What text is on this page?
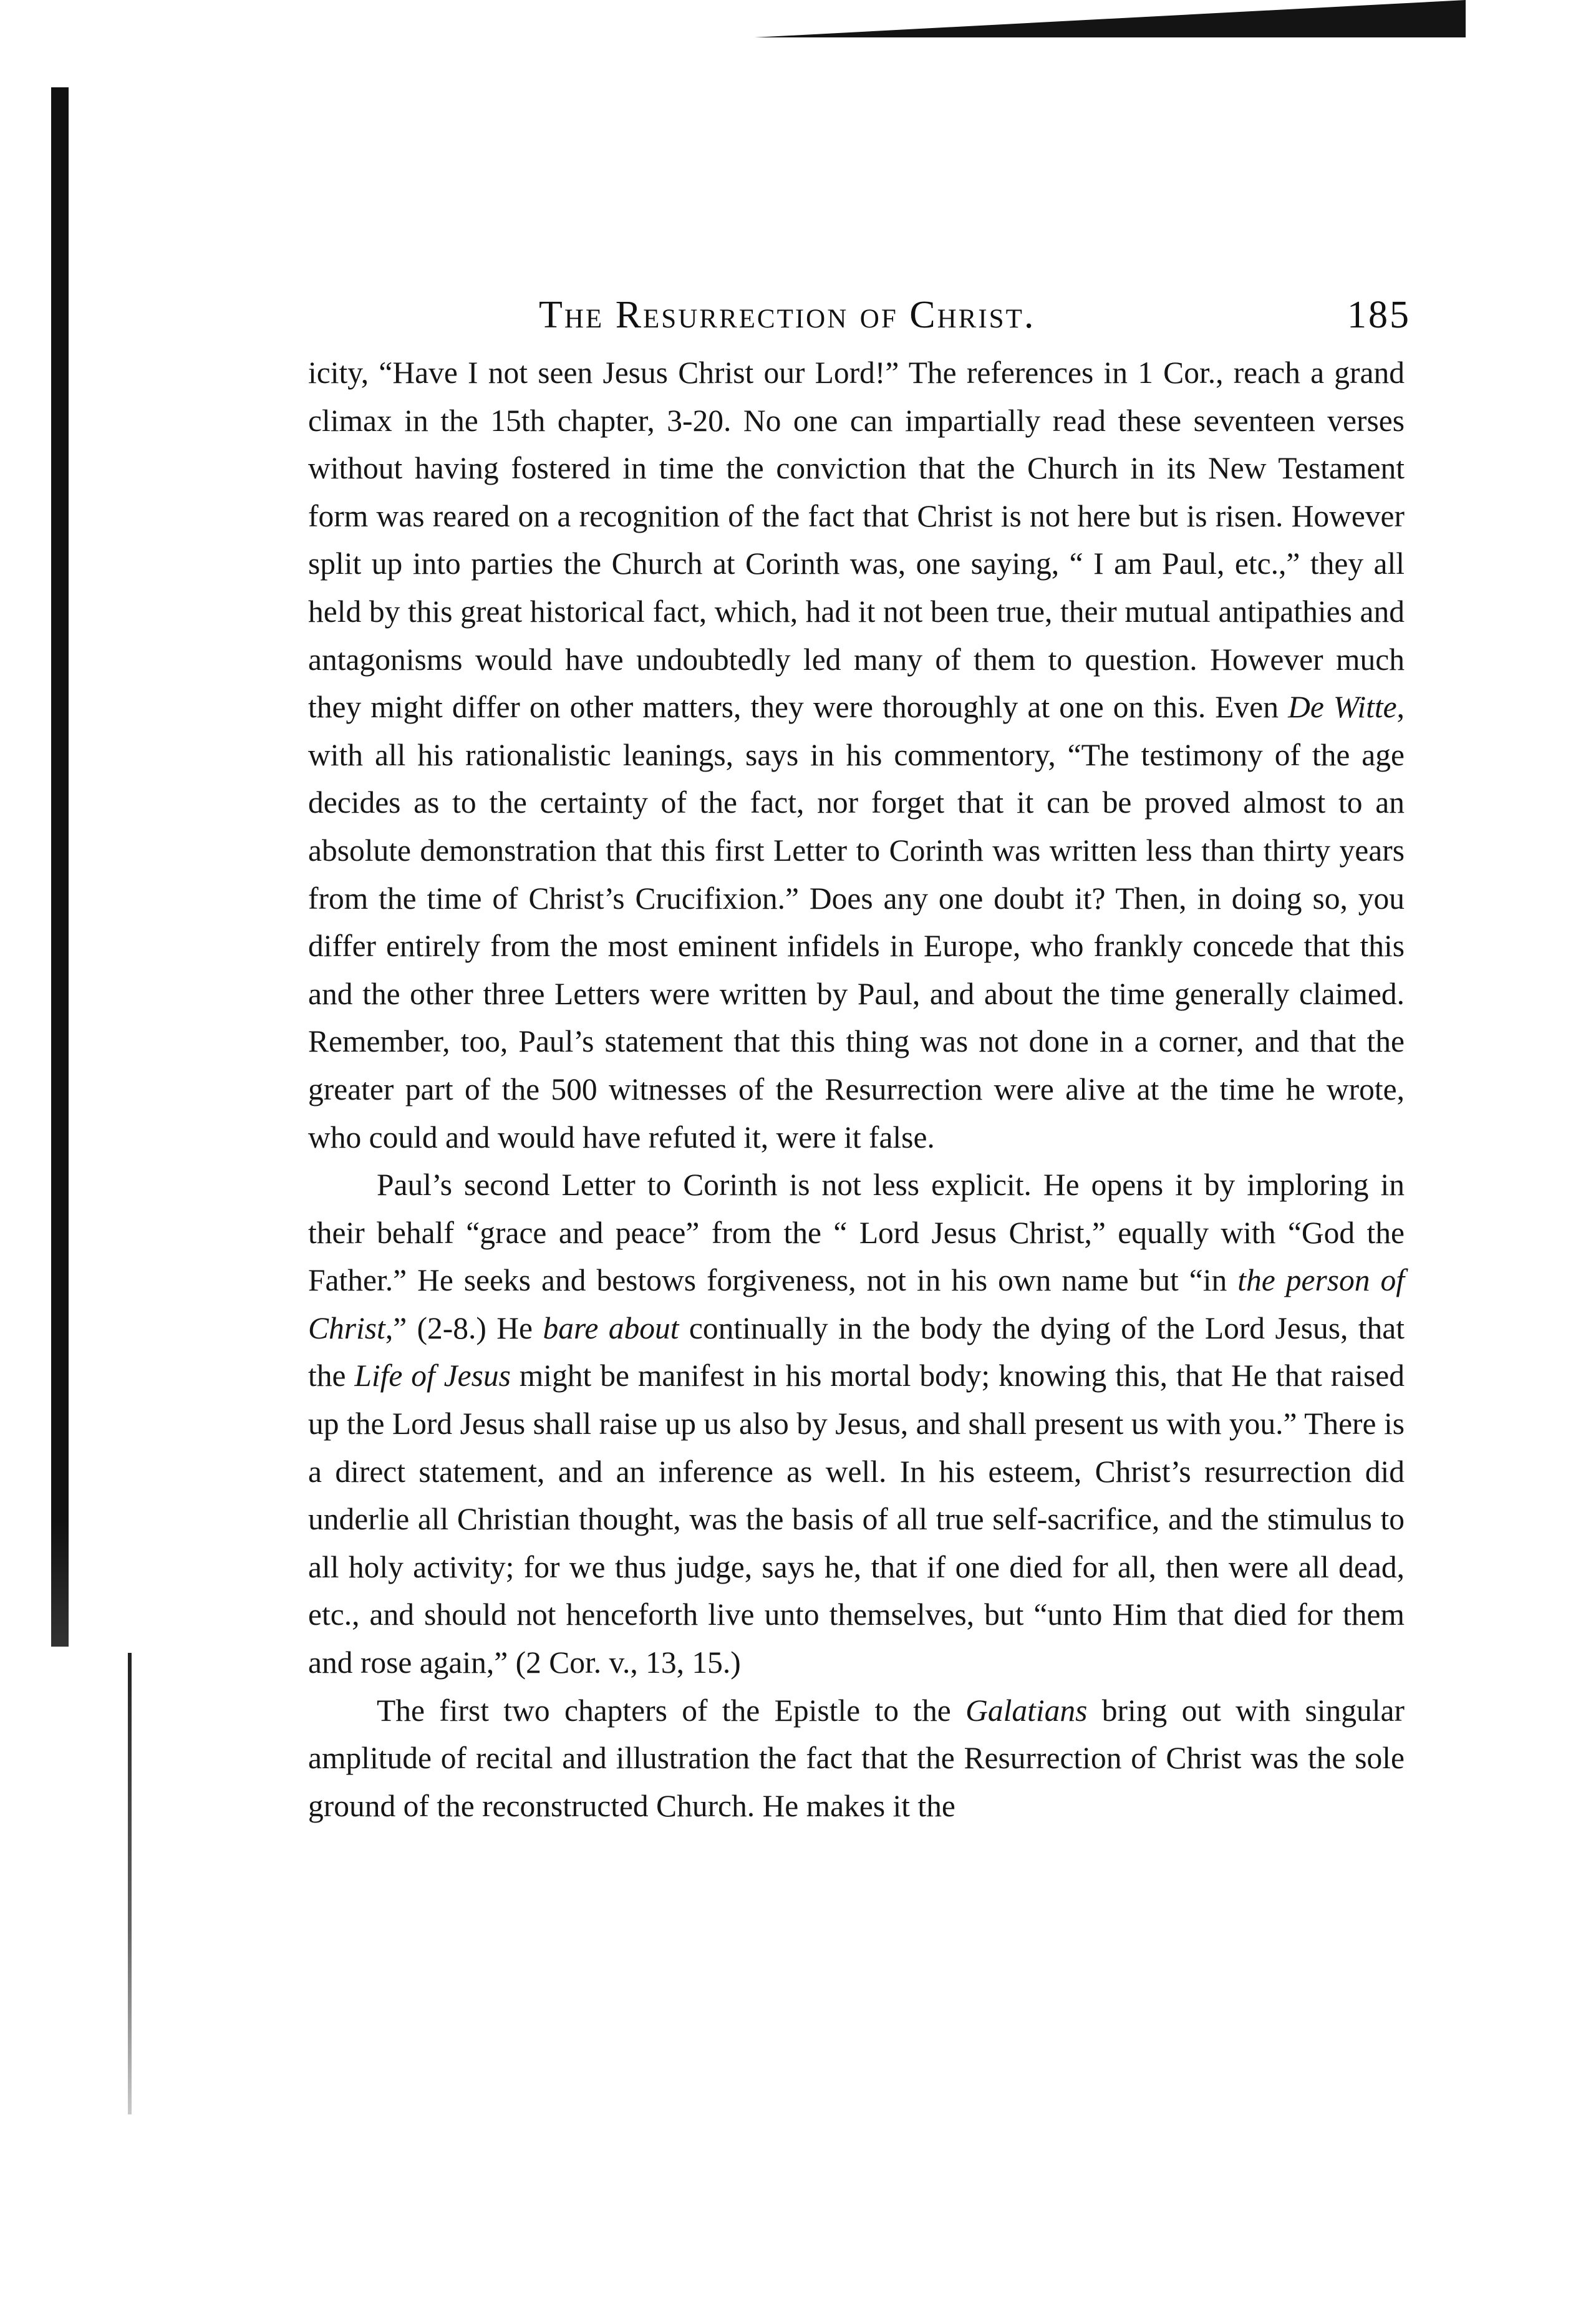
The Resurrection of Christ.	185

icity, “Have I not seen Jesus Christ our Lord!” The references in 1 Cor., reach a grand climax in the 15th chapter, 3-20. No one can impartially read these seventeen verses without having fostered in time the conviction that the Church in its New Testament form was reared on a recognition of the fact that Christ is not here but is risen. However split up into parties the Church at Corinth was, one saying, “ I am Paul, etc.,” they all held by this great historical fact, which, had it not been true, their mutual antipathies and antagonisms would have undoubtedly led many of them to question. However much they might differ on other matters, they were thoroughly at one on this. Even De Witte, with all his rationalistic leanings, says in his commentory, “The testimony of the age decides as to the certainty of the fact, nor forget that it can be proved almost to an absolute demonstration that this first Letter to Corinth was written less than thirty years from the time of Christ’s Crucifixion.” Does any one doubt it? Then, in doing so, you differ entirely from the most eminent infidels in Europe, who frankly concede that this and the other three Letters were written by Paul, and about the time generally claimed. Remember, too, Paul’s statement that this thing was not done in a corner, and that the greater part of the 500 witnesses of the Resurrection were alive at the time he wrote, who could and would have refuted it, were it false.

Paul’s second Letter to Corinth is not less explicit. He opens it by imploring in their behalf “grace and peace” from the “ Lord Jesus Christ,” equally with “God the Father.” He seeks and bestows forgiveness, not in his own name but “in the person of Christ,” (2-8.) He bare about continually in the body the dying of the Lord Jesus, that the Life of Jesus might be manifest in his mortal body; knowing this, that He that raised up the Lord Jesus shall raise up us also by Jesus, and shall present us with you.” There is a direct statement, and an inference as well. In his esteem, Christ’s resurrection did underlie all Christian thought, was the basis of all true self-sacrifice, and the stimulus to all holy activity; for we thus judge, says he, that if one died for all, then were all dead, etc., and should not henceforth live unto themselves, but “unto Him that died for them and rose again,” (2 Cor. v., 13, 15.)

The first two chapters of the Epistle to the Galatians bring out with singular amplitude of recital and illustration the fact that the Resurrection of Christ was the sole ground of the reconstructed Church. He makes it the
